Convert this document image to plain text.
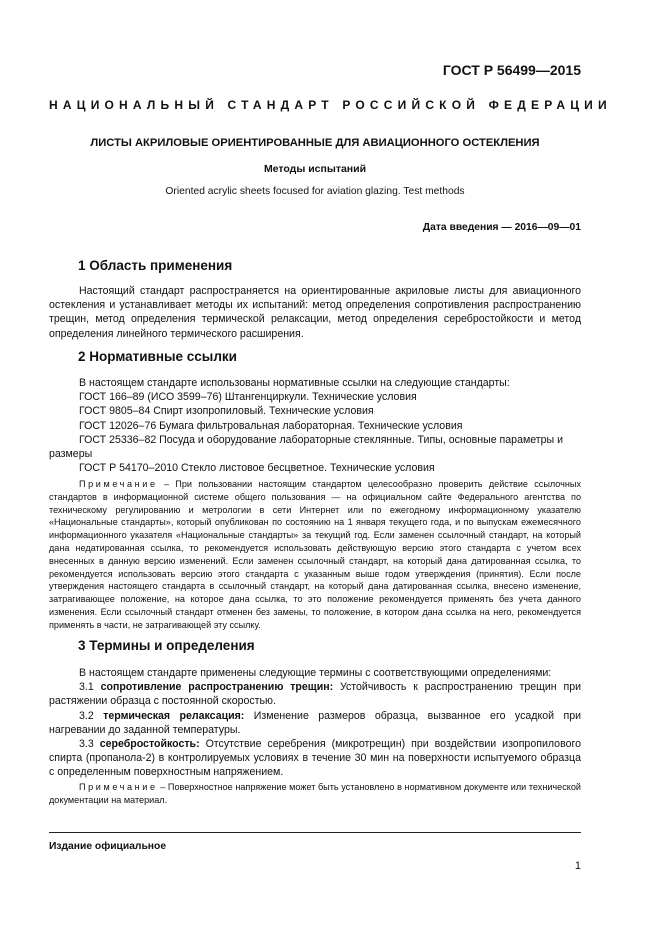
ГОСТ Р 56499—2015
НАЦИОНАЛЬНЫЙ СТАНДАРТ РОССИЙСКОЙ ФЕДЕРАЦИИ
ЛИСТЫ АКРИЛОВЫЕ ОРИЕНТИРОВАННЫЕ ДЛЯ АВИАЦИОННОГО ОСТЕКЛЕНИЯ
Методы испытаний
Oriented acrylic sheets focused for aviation glazing. Test methods
Дата введения — 2016—09—01
1 Область применения

Настоящий стандарт распространяется на ориентированные акриловые листы для авиационного остекления и устанавливает методы их испытаний: метод определения сопротивления распространению трещин, метод определения термической релаксации, метод определения серебростойкости и метод определения линейного термического расширения.

2 Нормативные ссылки
В настоящем стандарте использованы нормативные ссылки на следующие стандарты:
ГОСТ 166–89 (ИСО 3599–76) Штангенциркули. Технические условия
ГОСТ 9805–84 Спирт изопропиловый. Технические условия
ГОСТ 12026–76 Бумага фильтровальная лабораторная. Технические условия
ГОСТ 25336–82 Посуда и оборудование лабораторные стеклянные. Типы, основные параметры и размеры
ГОСТ Р 54170–2010 Стекло листовое бесцветное. Технические условия

Примечание – При пользовании настоящим стандартом целесообразно проверить действие ссылочных стандартов в информационной системе общего пользования — на официальном сайте Федерального агентства по техническому регулированию и метрологии в сети Интернет или по ежегодному информационному указателю «Национальные стандарты», который опубликован по состоянию на 1 января текущего года, и по выпускам ежемесячного информационного указателя «Национальные стандарты» за текущий год. Если заменен ссылочный стандарт, на который дана недатированная ссылка, то рекомендуется использовать действующую версию этого стандарта с учетом всех внесенных в данную версию изменений. Если заменен ссылочный стандарт, на который дана датированная ссылка, то рекомендуется использовать версию этого стандарта с указанным выше годом утверждения (принятия). Если после утверждения настоящего стандарта в ссылочный стандарт, на который дана датированная ссылка, внесено изменение, затрагивающее положение, на которое дана ссылка, то это положение рекомендуется применять без учета данного изменения. Если ссылочный стандарт отменен без замены, то положение, в котором дана ссылка на него, рекомендуется применять в части, не затрагивающей эту ссылку.

3 Термины и определения

В настоящем стандарте применены следующие термины с соответствующими определениями:

3.1 сопротивление распространению трещин: Устойчивость к распространению трещин при растяжении образца с постоянной скоростью.

3.2 термическая релаксация: Изменение размеров образца, вызванное его усадкой при нагревании до заданной температуры.

3.3 серебростойкость: Отсутствие серебрения (микротрещин) при воздействии изопропилового спирта (пропанола-2) в контролируемых условиях в течение 30 мин на поверхности испытуемого образца с определенным поверхностным напряжением.

Примечание – Поверхностное напряжение может быть установлено в нормативном документе или технической документации на материал.

Издание официальное
1
